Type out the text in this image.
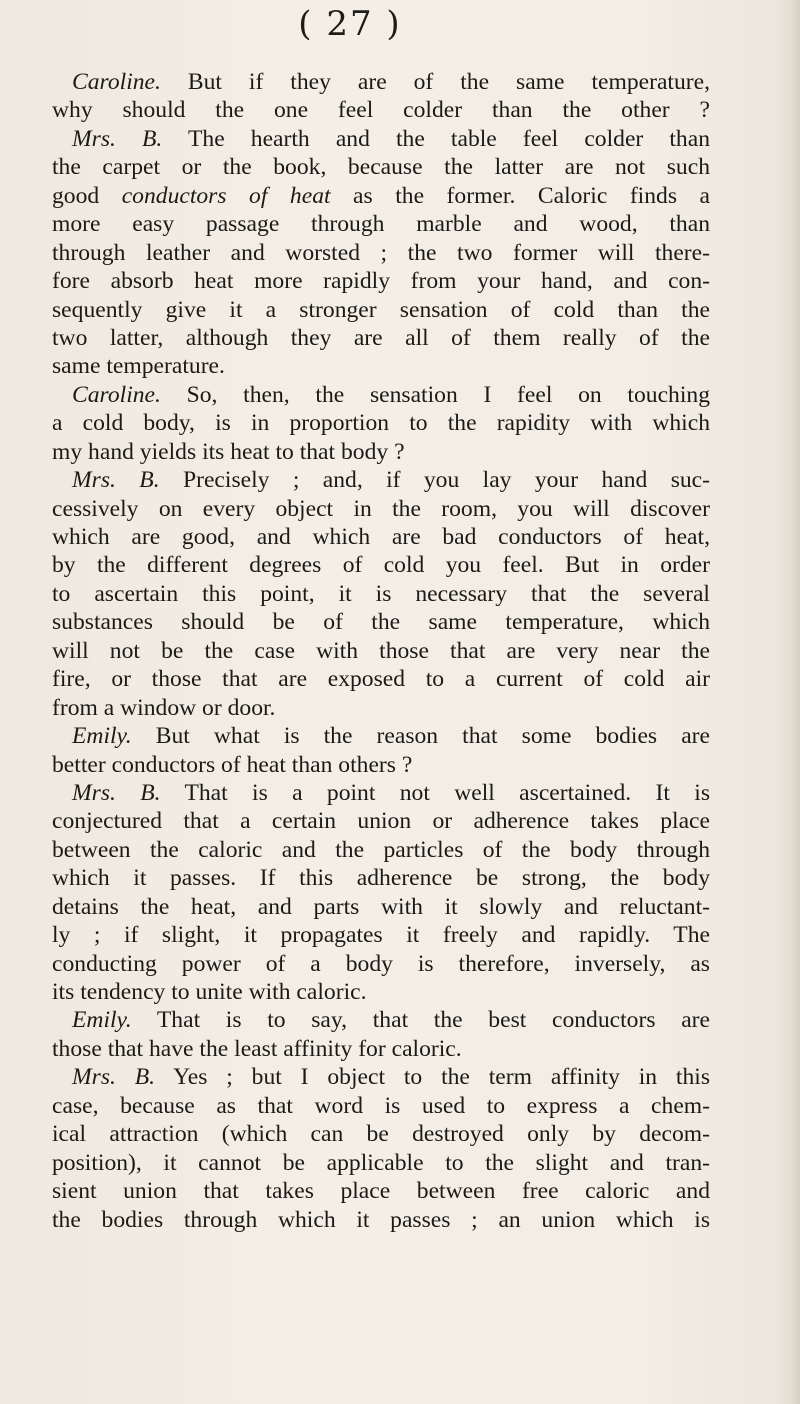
( 27 )
Caroline. But if they are of the same temperature,
why should the one feel colder than the other ?
Mrs. B. The hearth and the table feel colder than
the carpet or the book, because the latter are not such
good conductors of heat as the former. Caloric finds a
more easy passage through marble and wood, than
through leather and worsted ; the two former will there-
fore absorb heat more rapidly from your hand, and con-
sequently give it a stronger sensation of cold than the
two latter, although they are all of them really of the
same temperature.
Caroline. So, then, the sensation I feel on touching
a cold body, is in proportion to the rapidity with which
my hand yields its heat to that body ?
Mrs. B. Precisely ; and, if you lay your hand suc-
cessively on every object in the room, you will discover
which are good, and which are bad conductors of heat,
by the different degrees of cold you feel. But in order
to ascertain this point, it is necessary that the several
substances should be of the same temperature, which
will not be the case with those that are very near the
fire, or those that are exposed to a current of cold air
from a window or door.
Emily. But what is the reason that some bodies are
better conductors of heat than others ?
Mrs. B. That is a point not well ascertained. It is
conjectured that a certain union or adherence takes place
between the caloric and the particles of the body through
which it passes. If this adherence be strong, the body
detains the heat, and parts with it slowly and reluctant-
ly ; if slight, it propagates it freely and rapidly. The
conducting power of a body is therefore, inversely, as
its tendency to unite with caloric.
Emily. That is to say, that the best conductors are
those that have the least affinity for caloric.
Mrs. B. Yes ; but I object to the term affinity in this
case, because as that word is used to express a chem-
ical attraction (which can be destroyed only by decom-
position), it cannot be applicable to the slight and tran-
sient union that takes place between free caloric and
the bodies through which it passes ; an union which is
